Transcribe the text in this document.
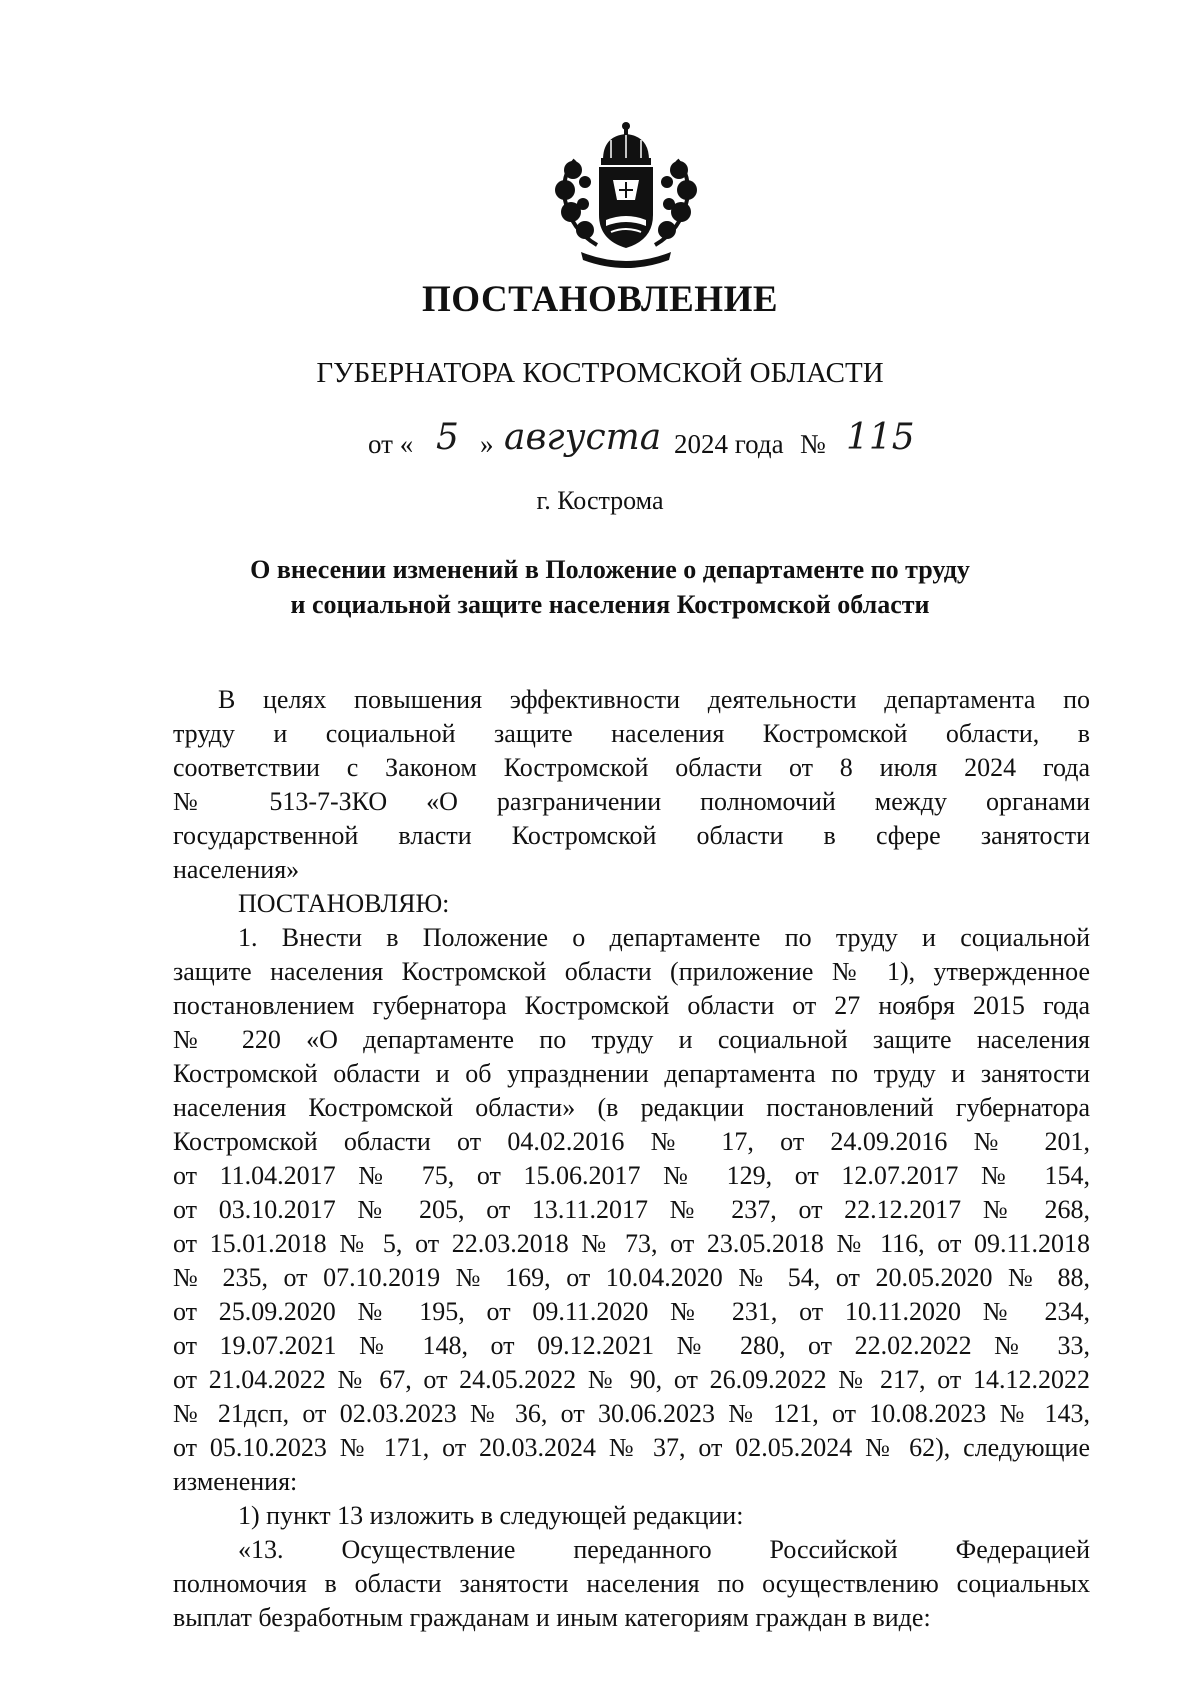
ПОСТАНОВЛЕНИЕ
ГУБЕРНАТОРА КОСТРОМСКОЙ ОБЛАСТИ
от « 5 » августа 2024 года № 115
г. Кострома
О внесении изменений в Положение о департаменте по труду
и социальной защите населения Костромской области
В целях повышения эффективности деятельности департамента по
труду и социальной защите населения Костромской области, в
соответствии с Законом Костромской области от 8 июля 2024 года
№ 513-7-ЗКО «О разграничении полномочий между органами
государственной власти Костромской области в сфере занятости
населения»
ПОСТАНОВЛЯЮ:
1. Внести в Положение о департаменте по труду и социальной
защите населения Костромской области (приложение № 1), утвержденное
постановлением губернатора Костромской области от 27 ноября 2015 года
№ 220 «О департаменте по труду и социальной защите населения
Костромской области и об упразднении департамента по труду и занятости
населения Костромской области» (в редакции постановлений губернатора
Костромской области от 04.02.2016 № 17, от 24.09.2016 № 201,
от 11.04.2017 № 75, от 15.06.2017 № 129, от 12.07.2017 № 154,
от 03.10.2017 № 205, от 13.11.2017 № 237, от 22.12.2017 № 268,
от 15.01.2018 № 5, от 22.03.2018 № 73, от 23.05.2018 № 116, от 09.11.2018
№ 235, от 07.10.2019 № 169, от 10.04.2020 № 54, от 20.05.2020 № 88,
от 25.09.2020 № 195, от 09.11.2020 № 231, от 10.11.2020 № 234,
от 19.07.2021 № 148, от 09.12.2021 № 280, от 22.02.2022 № 33,
от 21.04.2022 № 67, от 24.05.2022 № 90, от 26.09.2022 № 217, от 14.12.2022
№ 21дсп, от 02.03.2023 № 36, от 30.06.2023 № 121, от 10.08.2023 № 143,
от 05.10.2023 № 171, от 20.03.2024 № 37, от 02.05.2024 № 62), следующие
изменения:
1) пункт 13 изложить в следующей редакции:
«13. Осуществление переданного Российской Федерацией
полномочия в области занятости населения по осуществлению социальных
выплат безработным гражданам и иным категориям граждан в виде:
